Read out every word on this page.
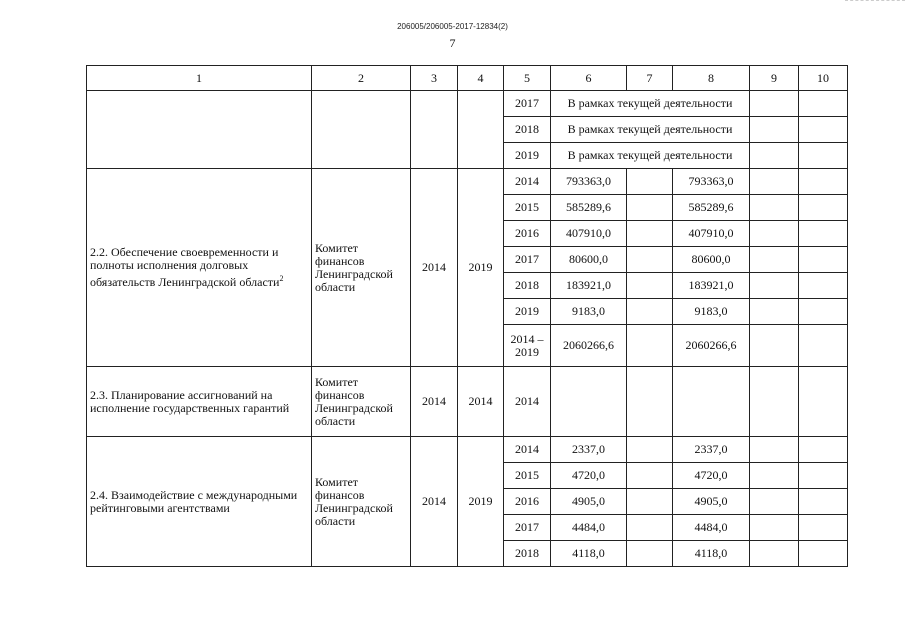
206005/206005-2017-12834(2)
7
1	2	3	4	5	6	7	8	9	10
				2017	В рамках текущей деятельности				
				2018	В рамках текущей деятельности				
				2019	В рамках текущей деятельности				
2.2. Обеспечение своевременности и полноты исполнения долговых обязательств Ленинградской области$^2$	Комитет финансов Ленинградской области	2014	2019	2014	793363,0		793363,0		
				2015	585289,6		585289,6		
				2016	407910,0		407910,0		
				2017	80600,0		80600,0		
				2018	183921,0		183921,0		
				2019	9183,0		9183,0		
				2014 – 2019	2060266,6		2060266,6		
2.3. Планирование ассигнований на исполнение государственных гарантий	Комитет финансов Ленинградской области	2014	2014	2014					
2.4. Взаимодействие с международными рейтинговыми агентствами	Комитет финансов Ленинградской области	2014	2019	2014	2337,0		2337,0		
				2015	4720,0		4720,0		
				2016	4905,0		4905,0		
				2017	4484,0		4484,0		
				2018	4118,0		4118,0		
